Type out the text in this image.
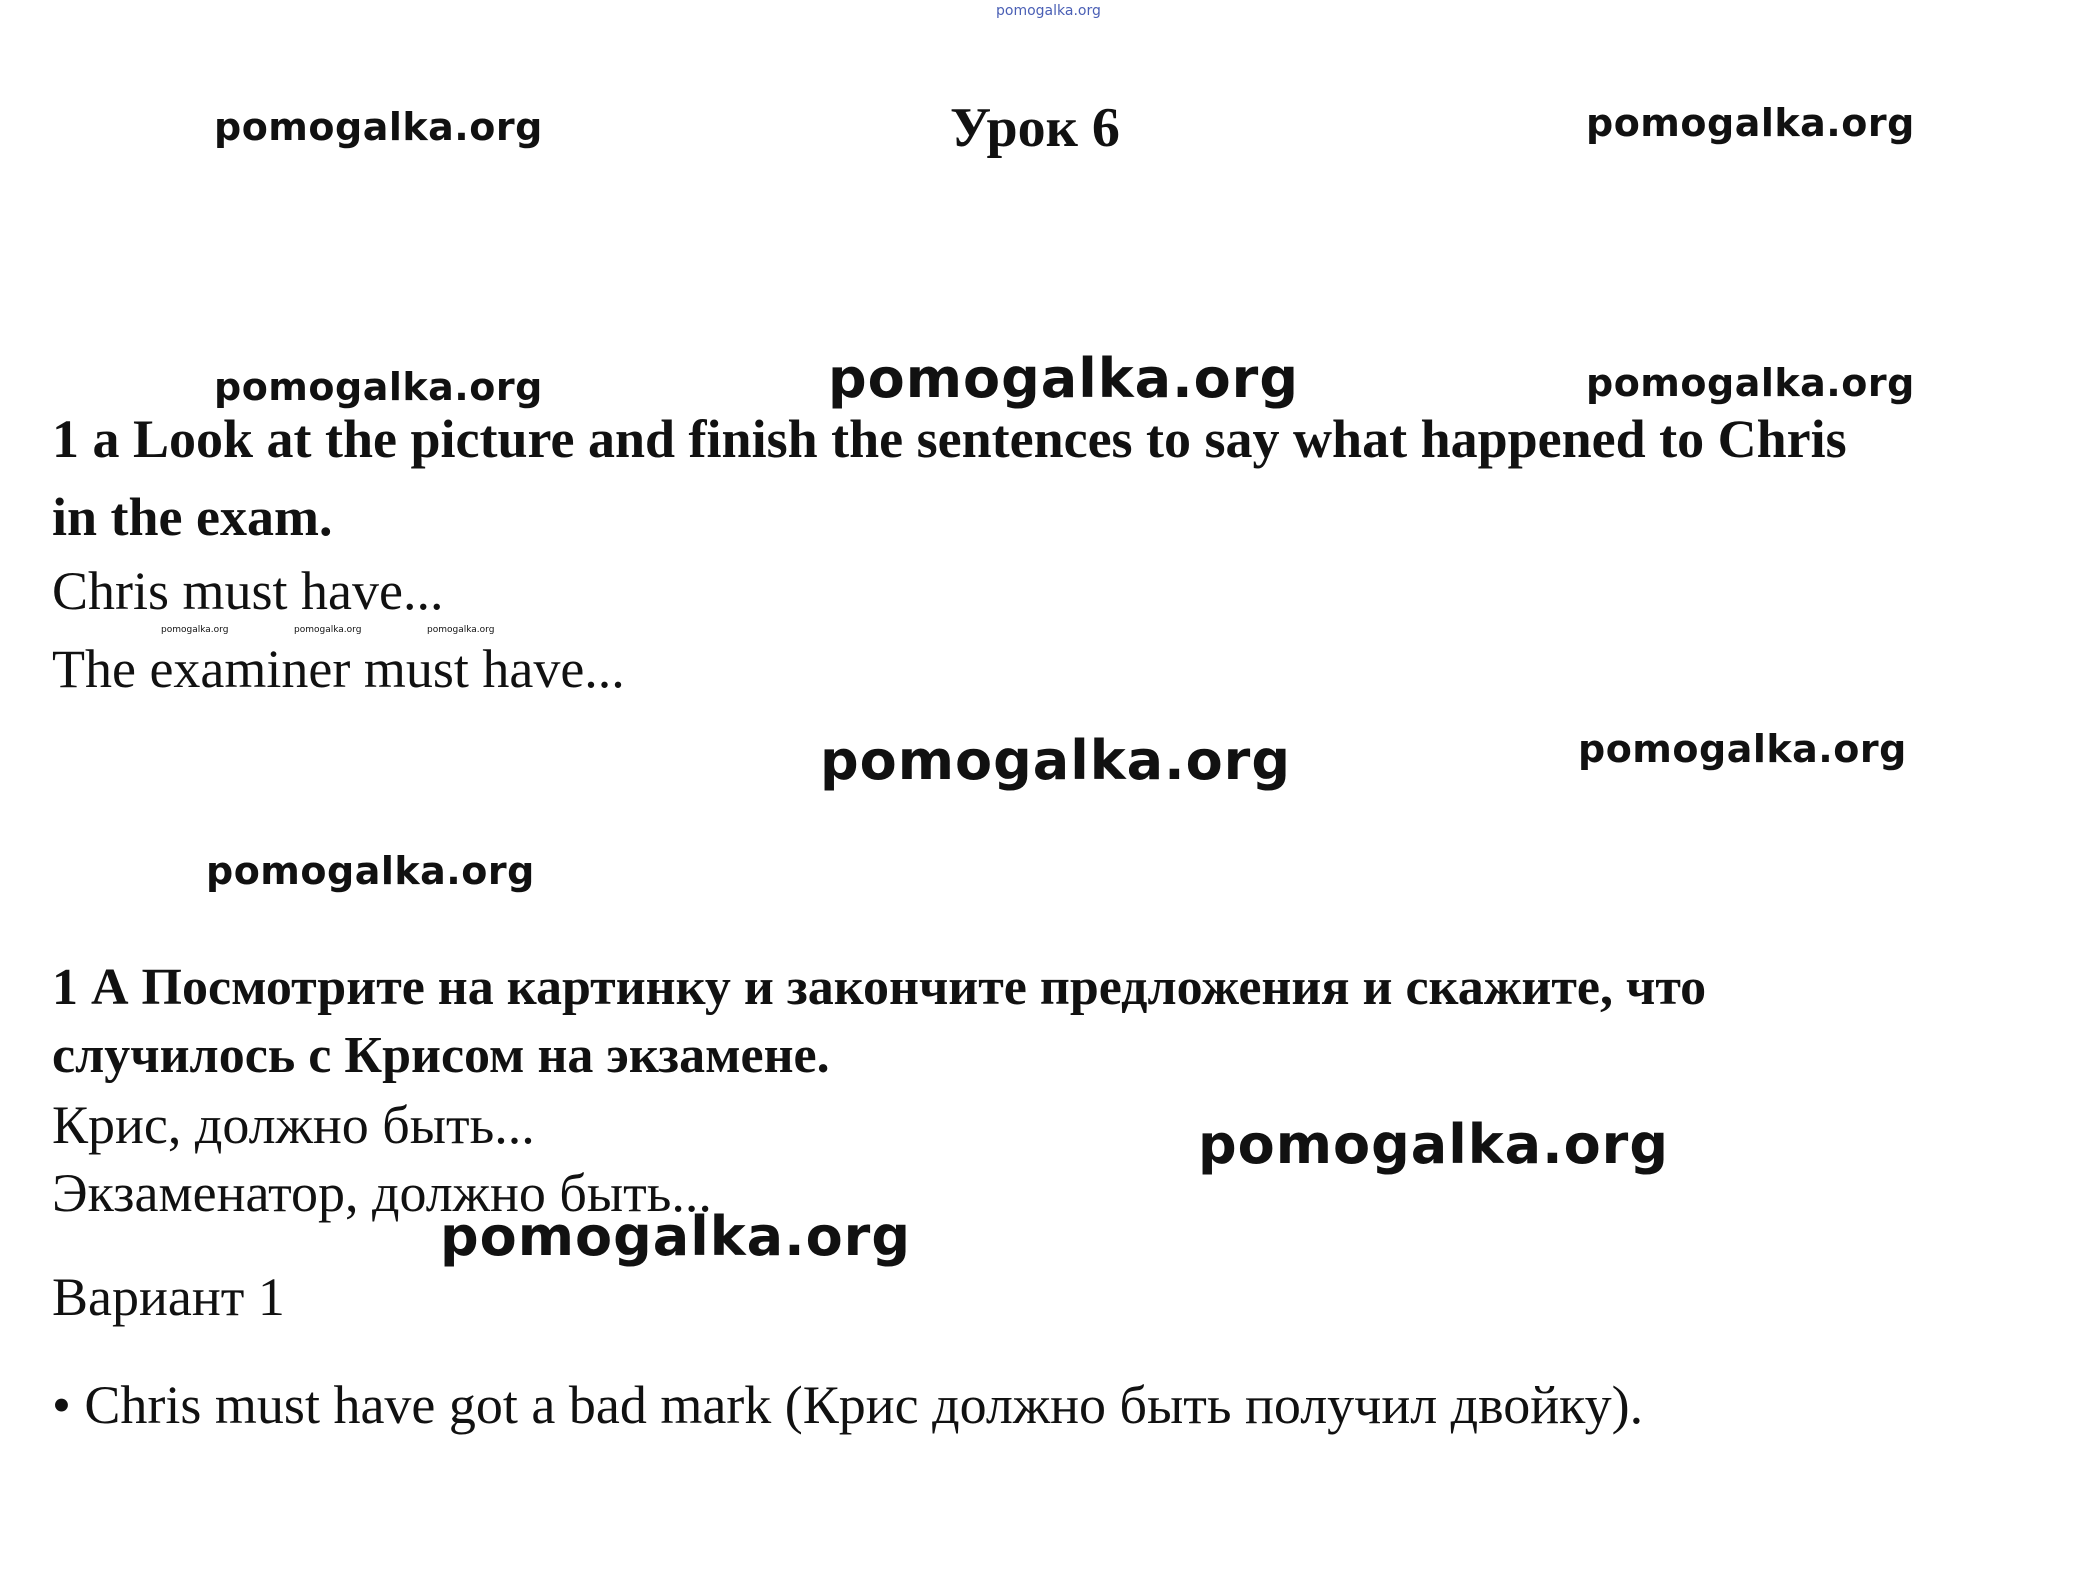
pomogalka.org
pomogalka.org	pomogalka.org
pomogalka.org	pomogalka.org	pomogalka.org
pomogalka.org	pomogalka.org	pomogalka.org
pomogalka.org	pomogalka.org
pomogalka.org
pomogalka.org
pomogalka.org
Урок 6
1 a Look at the picture and finish the sentences to say what happened to Chris
in the exam.
Chris must have...
The examiner must have...
1 А Посмотрите на картинку и закончите предложения и скажите, что
случилось с Крисом на экзамене.
Крис, должно быть...
Экзаменатор, должно быть...
Вариант 1
• Chris must have got a bad mark (Крис должно быть получил двойку).
